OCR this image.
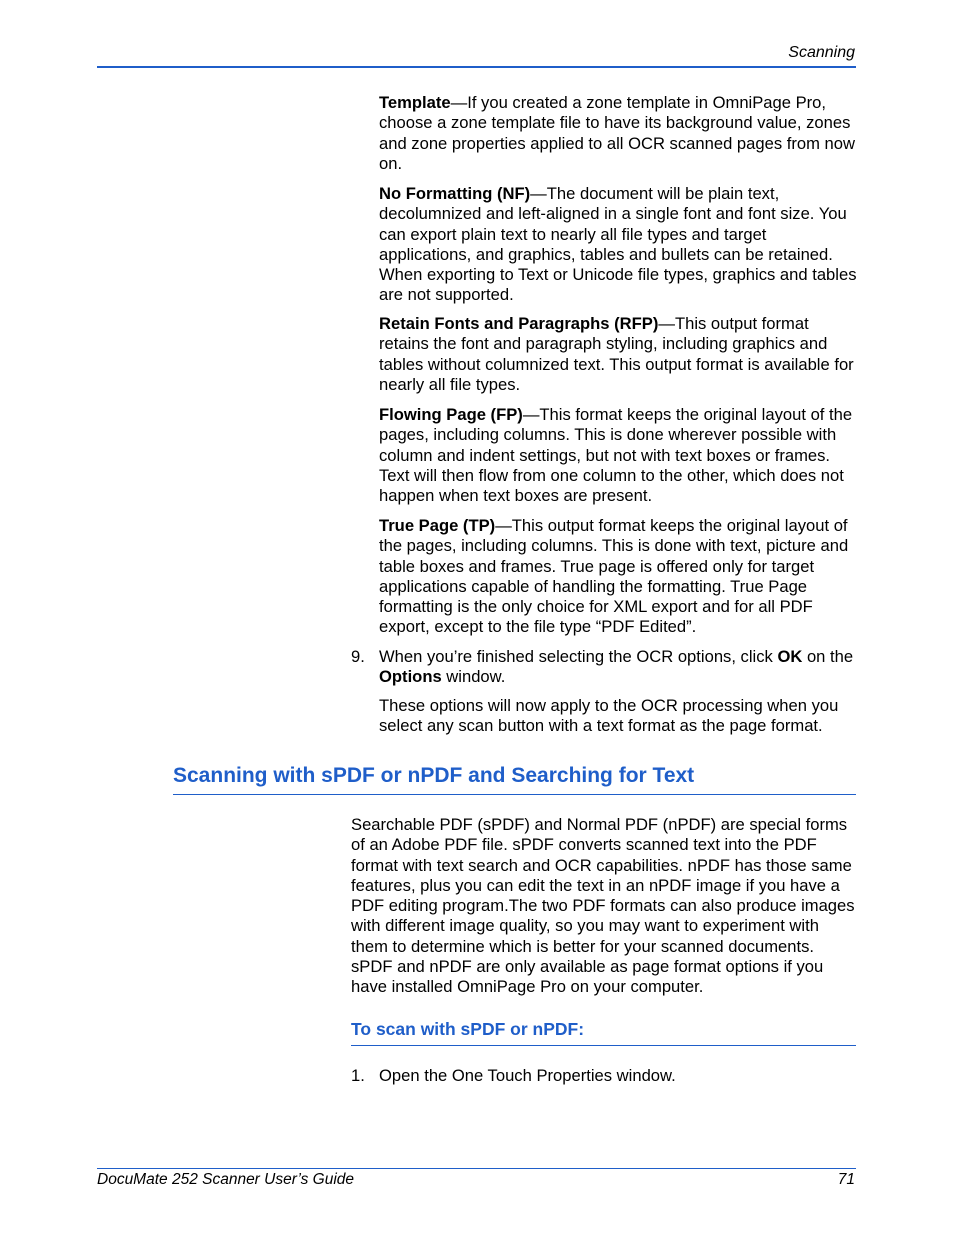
Scanning

Template—If you created a zone template in OmniPage Pro, choose a zone template file to have its background value, zones and zone properties applied to all OCR scanned pages from now on.

No Formatting (NF)—The document will be plain text, decolumnized and left-aligned in a single font and font size. You can export plain text to nearly all file types and target applications, and graphics, tables and bullets can be retained. When exporting to Text or Unicode file types, graphics and tables are not supported.

Retain Fonts and Paragraphs (RFP)—This output format retains the font and paragraph styling, including graphics and tables without columnized text. This output format is available for nearly all file types.

Flowing Page (FP)—This format keeps the original layout of the pages, including columns. This is done wherever possible with column and indent settings, but not with text boxes or frames. Text will then flow from one column to the other, which does not happen when text boxes are present.

True Page (TP)—This output format keeps the original layout of the pages, including columns. This is done with text, picture and table boxes and frames. True page is offered only for target applications capable of handling the formatting. True Page formatting is the only choice for XML export and for all PDF export, except to the file type “PDF Edited”.

9. When you’re finished selecting the OCR options, click OK on the Options window.

These options will now apply to the OCR processing when you select any scan button with a text format as the page format.

Scanning with sPDF or nPDF and Searching for Text

Searchable PDF (sPDF) and Normal PDF (nPDF) are special forms of an Adobe PDF file. sPDF converts scanned text into the PDF format with text search and OCR capabilities. nPDF has those same features, plus you can edit the text in an nPDF image if you have a PDF editing program.The two PDF formats can also produce images with different image quality, so you may want to experiment with them to determine which is better for your scanned documents. sPDF and nPDF are only available as page format options if you have installed OmniPage Pro on your computer.

To scan with sPDF or nPDF:
1. Open the One Touch Properties window.
DocuMate 252 Scanner User’s Guide	71
